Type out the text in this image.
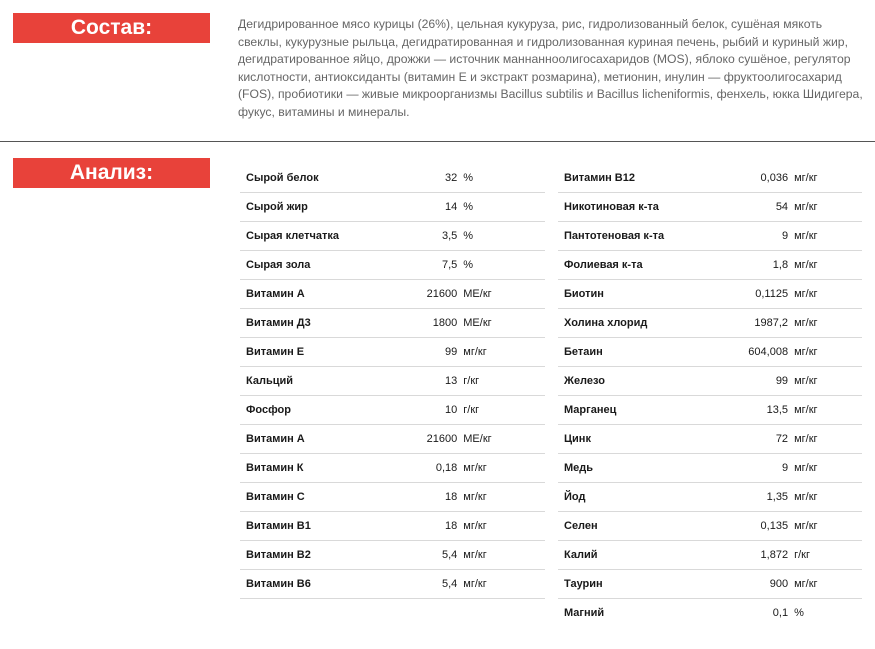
Состав:	Дегидрированное мясо курицы (26%), цельная кукуруза, рис, гидролизованный белок, сушёная мякоть свеклы, кукурузные рыльца, дегидратированная и гидролизованная куриная печень, рыбий и куриный жир, дегидратированное яйцо, дрожжи — источник маннанноолигосахаридов (MOS), яблоко сушёное, регулятор кислотности, антиоксиданты (витамин Е и экстракт розмарина), метионин, инулин — фруктоолигосахарид (FOS), пробиотики — живые микроорганизмы Bacillus subtilis и Bacillus licheniformis, фенхель, юкка Шидигера, фукус, витамины и минералы.
Анализ:	Сырой белок	32	%
Сырой жир	14	%
Сырая клетчатка	3,5	%
Сырая зола	7,5	%
Витамин А	21600	МЕ/кг
Витамин Д3	1800	МЕ/кг
Витамин Е	99	мг/кг
Кальций	13	г/кг
Фосфор	10	г/кг
Витамин А	21600	МЕ/кг
Витамин К	0,18	мг/кг
Витамин С	18	мг/кг
Витамин В1	18	мг/кг
Витамин В2	5,4	мг/кг
Витамин В6	5,4	мг/кг
Витамин В12	0,036	мг/кг
Никотиновая к-та	54	мг/кг
Пантотеновая к-та	9	мг/кг
Фолиевая к-та	1,8	мг/кг
Биотин	0,1125	мг/кг
Холина хлорид	1987,2	мг/кг
Бетаин	604,008	мг/кг
Железо	99	мг/кг
Марганец	13,5	мг/кг
Цинк	72	мг/кг
Медь	9	мг/кг
Йод	1,35	мг/кг
Селен	0,135	мг/кг
Калий	1,872	г/кг
Таурин	900	мг/кг
Магний	0,1	%
